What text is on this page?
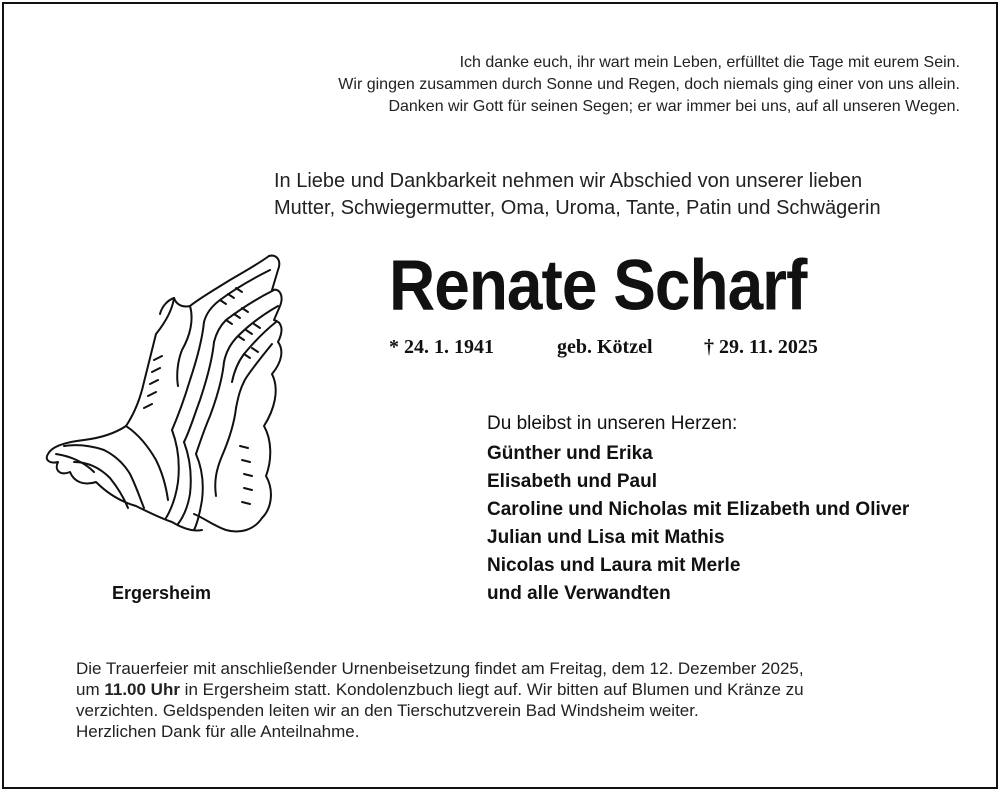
Ich danke euch, ihr wart mein Leben, erfülltet die Tage mit eurem Sein.
Wir gingen zusammen durch Sonne und Regen, doch niemals ging einer von uns allein.
Danken wir Gott für seinen Segen; er war immer bei uns, auf all unseren Wegen.
In Liebe und Dankbarkeit nehmen wir Abschied von unserer lieben
Mutter, Schwiegermutter, Oma, Uroma, Tante, Patin und Schwägerin
Renate Scharf
* 24. 1. 1941	geb. Kötzel	† 29. 11. 2025
Du bleibst in unseren Herzen:
Günther und Erika
Elisabeth und Paul
Caroline und Nicholas mit Elizabeth und Oliver
Julian und Lisa mit Mathis
Nicolas und Laura mit Merle
und alle Verwandten
Ergersheim
Die Trauerfeier mit anschließender Urnenbeisetzung findet am Freitag, dem 12. Dezember 2025,
um 11.00 Uhr in Ergersheim statt. Kondolenzbuch liegt auf. Wir bitten auf Blumen und Kränze zu
verzichten. Geldspenden leiten wir an den Tierschutzverein Bad Windsheim weiter.
Herzlichen Dank für alle Anteilnahme.
